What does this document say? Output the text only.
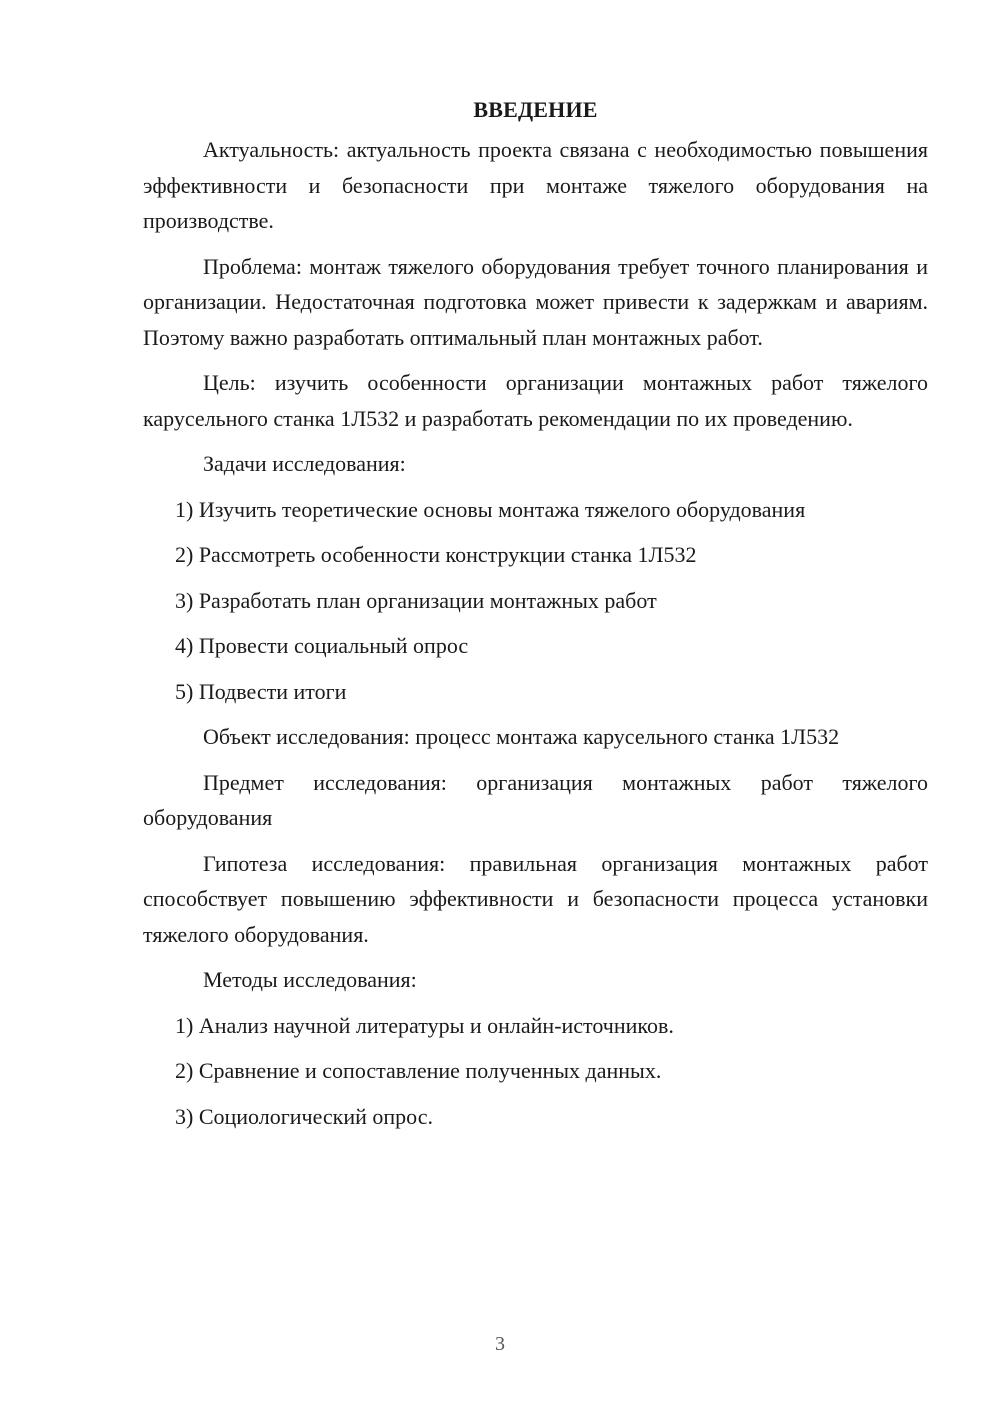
ВВЕДЕНИЕ

Актуальность: актуальность проекта связана с необходимостью повышения эффективности и безопасности при монтаже тяжелого оборудования на производстве.

Проблема: монтаж тяжелого оборудования требует точного планирования и организации. Недостаточная подготовка может привести к задержкам и авариям. Поэтому важно разработать оптимальный план монтажных работ.

Цель: изучить особенности организации монтажных работ тяжелого карусельного станка 1Л532 и разработать рекомендации по их проведению.

Задачи исследования:

1) Изучить теоретические основы монтажа тяжелого оборудования
2) Рассмотреть особенности конструкции станка 1Л532
3) Разработать план организации монтажных работ
4) Провести социальный опрос
5) Подвести итоги

Объект исследования: процесс монтажа карусельного станка 1Л532

Предмет исследования: организация монтажных работ тяжелого оборудования

Гипотеза исследования: правильная организация монтажных работ способствует повышению эффективности и безопасности процесса установки тяжелого оборудования.

Методы исследования:

1) Анализ научной литературы и онлайн-источников.
2) Сравнение и сопоставление полученных данных.
3) Социологический опрос.
3
